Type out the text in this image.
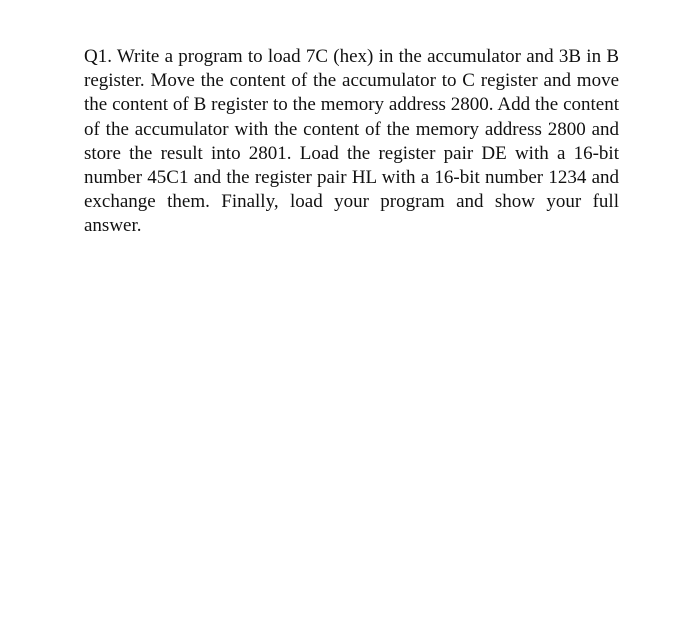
Q1. Write a program to load 7C (hex) in the accumulator and 3B in B register. Move the content of the accumulator to C register and move the content of B register to the memory address 2800. Add the content of the accumulator with the content of the memory address 2800 and store the result into 2801. Load the register pair DE with a 16-bit number 45C1 and the register pair HL with a 16-bit number 1234 and exchange them. Finally, load your program and show your full answer.
